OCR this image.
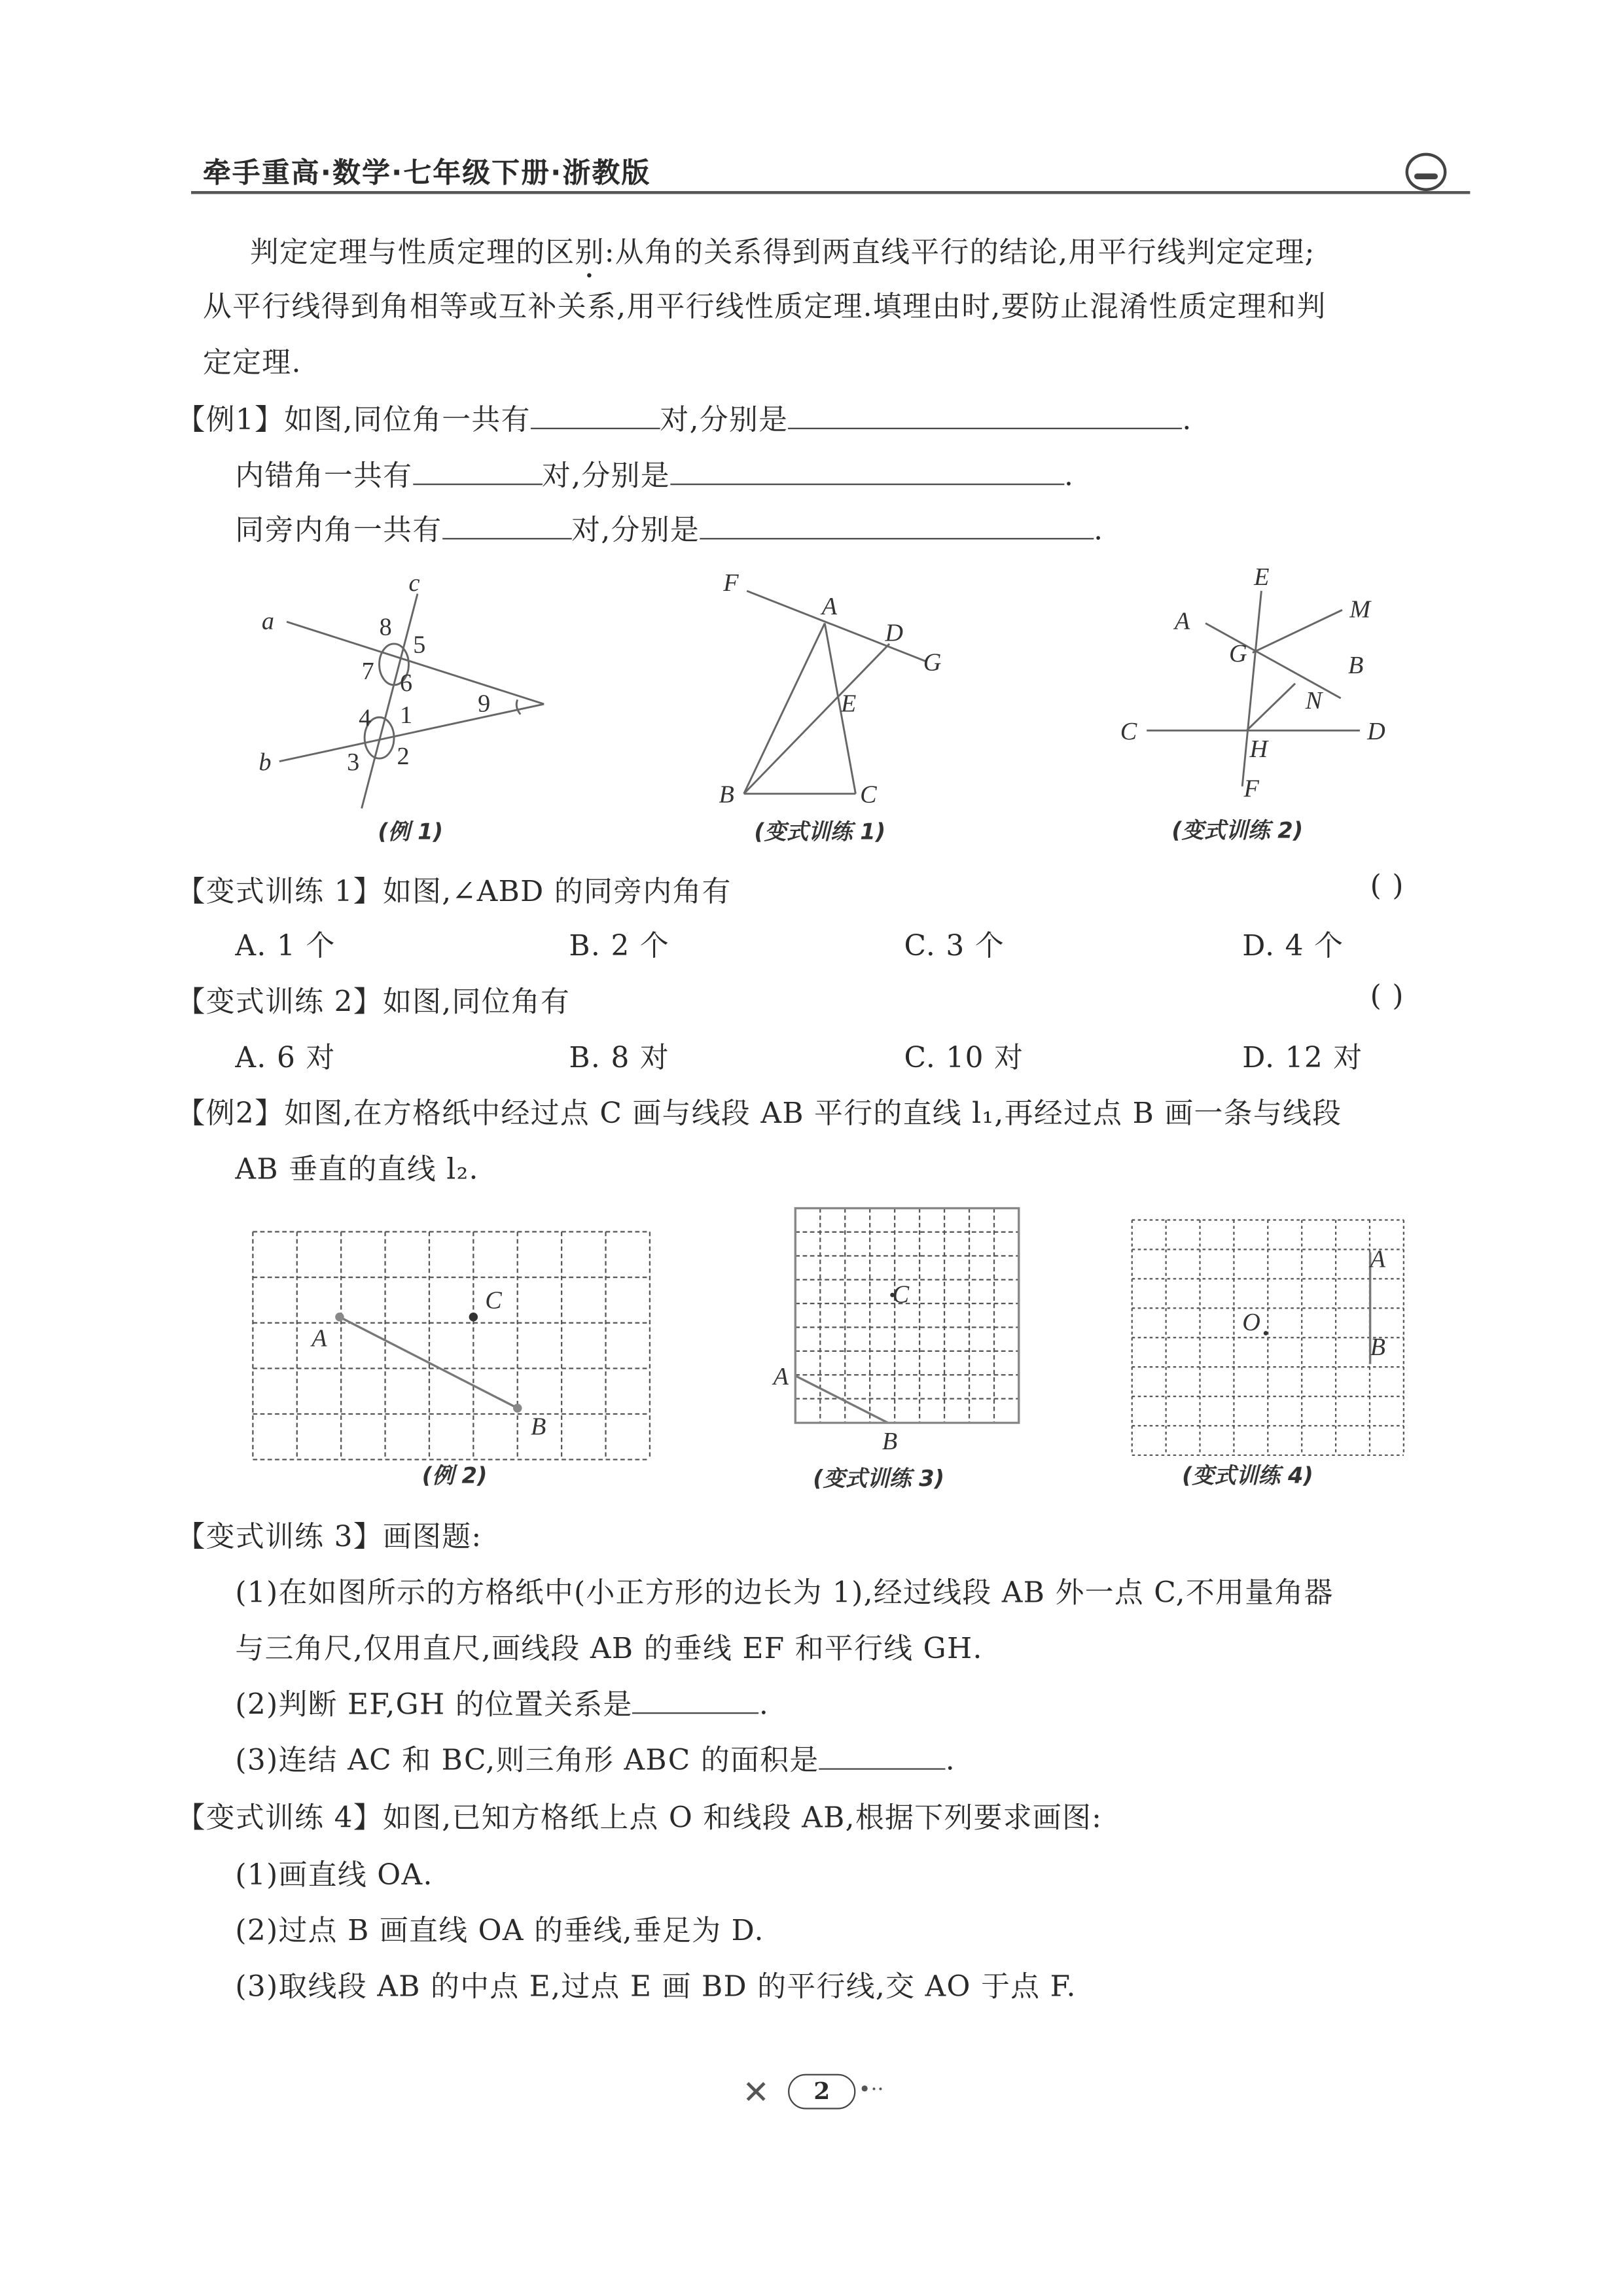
牵手重高·数学·七年级下册·浙教版
判定定理与性质定理的区别:从角的关系得到两直线平行的结论,用平行线判定定理;
从平行线得到角相等或互补关系,用平行线性质定理.填理由时,要防止混淆性质定理和判
定定理.
【例1】如图,同位角一共有	对,分别是	.
内错角一共有	对,分别是	.
同旁内角一共有	对,分别是	.
a
b
c
1
2
3
4
5
6
7
8
9
(例 1)
F
A
D
G
E
B	C
(变式训练 1)
E
A	M
G	B
N
C	D
H
F
(变式训练 2)
【变式训练 1】如图,∠ABD 的同旁内角有	( )
A. 1 个	B. 2 个	C. 3 个	D. 4 个
【变式训练 2】如图,同位角有	( )
A. 6 对	B. 8 对	C. 10 对	D. 12 对
【例2】如图,在方格纸中经过点 C 画与线段 AB 平行的直线 l₁,再经过点 B 画一条与线段
AB 垂直的直线 l₂.
A
B
C
A
B
C
A
B
O
(例 2)	(变式训练 3)	(变式训练 4)
【变式训练 3】画图题:
(1)在如图所示的方格纸中(小正方形的边长为 1),经过线段 AB 外一点 C,不用量角器
与三角尺,仅用直尺,画线段 AB 的垂线 EF 和平行线 GH.
(2)判断 EF,GH 的位置关系是	.
(3)连结 AC 和 BC,则三角形 ABC 的面积是	.
【变式训练 4】如图,已知方格纸上点 O 和线段 AB,根据下列要求画图:
(1)画直线 OA.
(2)过点 B 画直线 OA 的垂线,垂足为 D.
(3)取线段 AB 的中点 E,过点 E 画 BD 的平行线,交 AO 于点 F.
✕	2	•··
